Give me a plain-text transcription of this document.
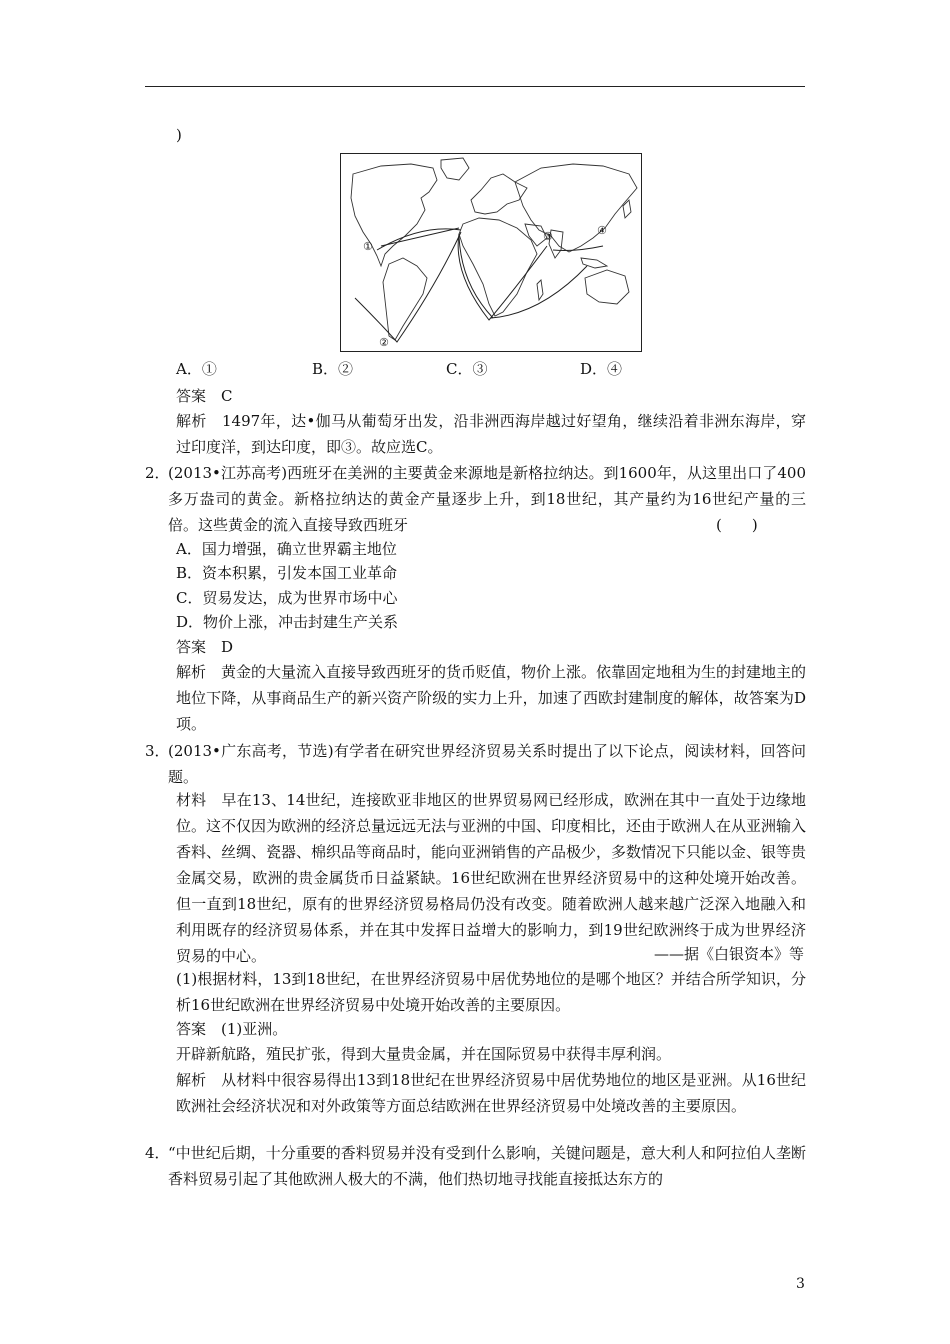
)
①
②
③	④
A．①	B．②	C．③	D．④
答案　C
解析　1497年，达•伽马从葡萄牙出发，沿非洲西海岸越过好望角，继续沿着非洲东海岸，穿过印度洋，到达印度，即③。故应选C。
2．
(2013•江苏高考)西班牙在美洲的主要黄金来源地是新格拉纳达。到1600年，从这里出口了400多万盎司的黄金。新格拉纳达的黄金产量逐步上升，到18世纪，其产量约为16世纪产量的三倍。这些黄金的流入直接导致西班牙	(　　)
A．国力增强，确立世界霸主地位
B．资本积累，引发本国工业革命
C．贸易发达，成为世界市场中心
D．物价上涨，冲击封建生产关系
答案　D
解析　黄金的大量流入直接导致西班牙的货币贬值，物价上涨。依靠固定地租为生的封建地主的地位下降，从事商品生产的新兴资产阶级的实力上升，加速了西欧封建制度的解体，故答案为D项。
3．
(2013•广东高考，节选)有学者在研究世界经济贸易关系时提出了以下论点，阅读材料，回答问题。
材料　早在13、14世纪，连接欧亚非地区的世界贸易网已经形成，欧洲在其中一直处于边缘地位。这不仅因为欧洲的经济总量远远无法与亚洲的中国、印度相比，还由于欧洲人在从亚洲输入香料、丝绸、瓷器、棉织品等商品时，能向亚洲销售的产品极少，多数情况下只能以金、银等贵金属交易，欧洲的贵金属货币日益紧缺。16世纪欧洲在世界经济贸易中的这种处境开始改善。但一直到18世纪，原有的世界经济贸易格局仍没有改变。随着欧洲人越来越广泛深入地融入和利用既存的经济贸易体系，并在其中发挥日益增大的影响力，到19世纪欧洲终于成为世界经济贸易的中心。	——据《白银资本》等
(1)根据材料，13到18世纪，在世界经济贸易中居优势地位的是哪个地区？并结合所学知识，分析16世纪欧洲在世界经济贸易中处境开始改善的主要原因。
答案　(1)亚洲。
开辟新航路，殖民扩张，得到大量贵金属，并在国际贸易中获得丰厚利润。
解析　从材料中很容易得出13到18世纪在世界经济贸易中居优势地位的地区是亚洲。从16世纪欧洲社会经济状况和对外政策等方面总结欧洲在世界经济贸易中处境改善的主要原因。
4．
“中世纪后期，十分重要的香料贸易并没有受到什么影响，关键问题是，意大利人和阿拉伯人垄断香料贸易引起了其他欧洲人极大的不满，他们热切地寻找能直接抵达东方的
3
